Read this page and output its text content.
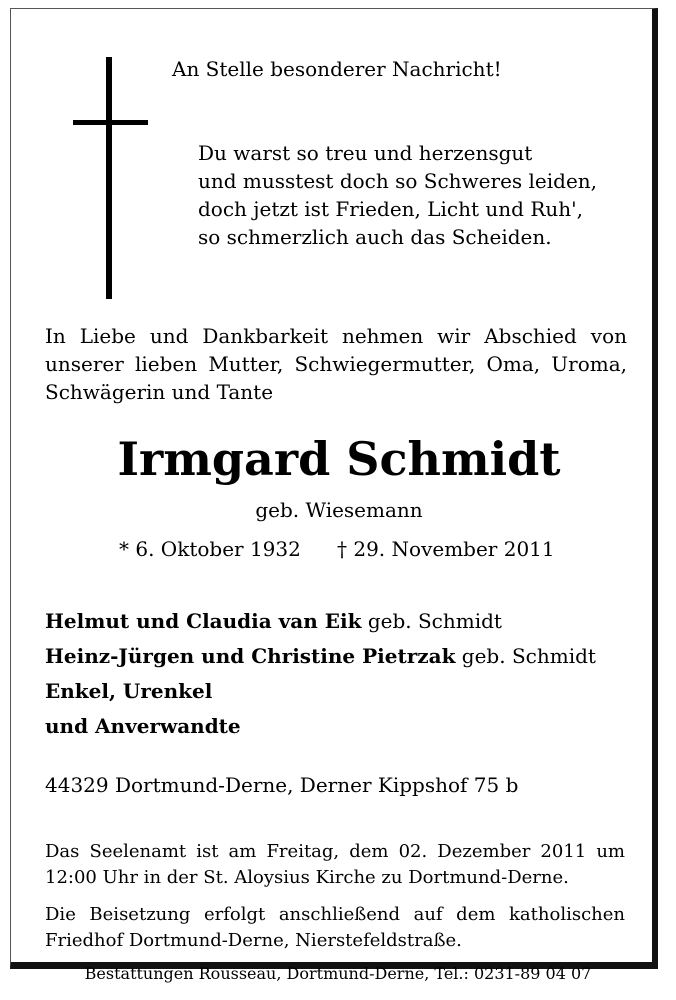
An Stelle besonderer Nachricht!
Du warst so treu und herzensgut
und musstest doch so Schweres leiden,
doch jetzt ist Frieden, Licht und Ruh',
so schmerzlich auch das Scheiden.
In Liebe und Dankbarkeit nehmen wir Abschied von
unserer lieben Mutter, Schwiegermutter, Oma, Uroma,
Schwägerin und Tante
Irmgard Schmidt
geb. Wiesemann
* 6. Oktober 1932 † 29. November 2011
Helmut und Claudia van Eik geb. Schmidt
Heinz-Jürgen und Christine Pietrzak geb. Schmidt
Enkel, Urenkel
und Anverwandte
44329 Dortmund-Derne, Derner Kippshof 75 b
Das Seelenamt ist am Freitag, dem 02. Dezember 2011 um
12:00 Uhr in der St. Aloysius Kirche zu Dortmund-Derne.
Die Beisetzung erfolgt anschließend auf dem katholischen
Friedhof Dortmund-Derne, Nierstefeldstraße.
Bestattungen Rousseau, Dortmund-Derne, Tel.: 0231-89 04 07
